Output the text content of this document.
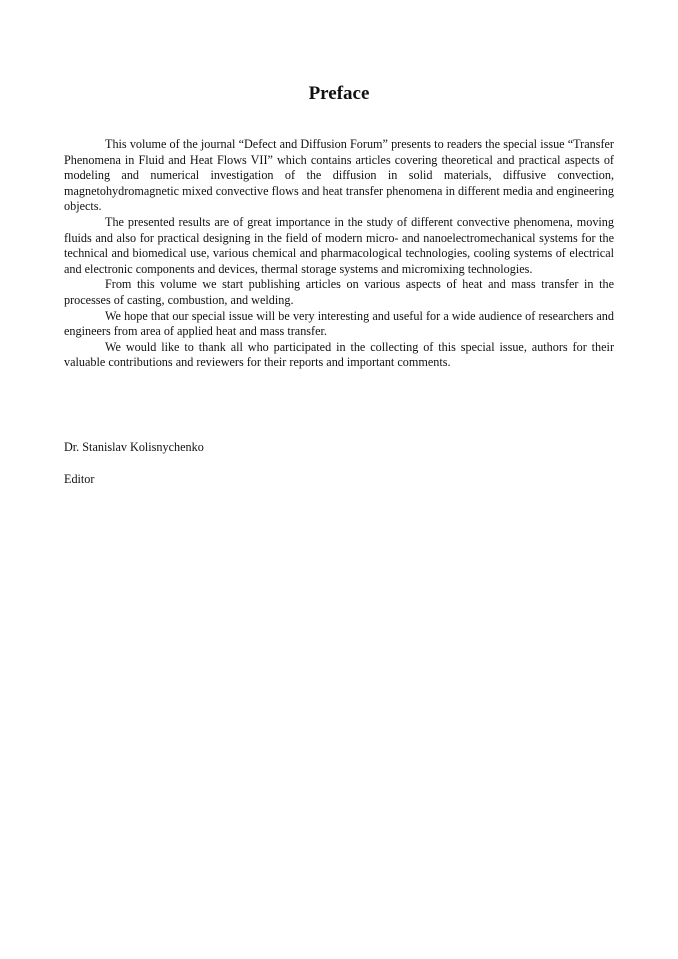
Preface

This volume of the journal “Defect and Diffusion Forum” presents to readers the special issue “Transfer Phenomena in Fluid and Heat Flows VII” which contains articles covering theoretical and practical aspects of modeling and numerical investigation of the diffusion in solid materials, diffusive convection, magnetohydromagnetic mixed convective flows and heat transfer phenomena in different media and engineering objects.

The presented results are of great importance in the study of different convective phenomena, moving fluids and also for practical designing in the field of modern micro- and nanoelectromechanical systems for the technical and biomedical use, various chemical and pharmacological technologies, cooling systems of electrical and electronic components and devices, thermal storage systems and micromixing technologies.

From this volume we start publishing articles on various aspects of heat and mass transfer in the processes of casting, combustion, and welding.

We hope that our special issue will be very interesting and useful for a wide audience of researchers and engineers from area of applied heat and mass transfer.

We would like to thank all who participated in the collecting of this special issue, authors for their valuable contributions and reviewers for their reports and important comments.

Dr. Stanislav Kolisnychenko
Editor
